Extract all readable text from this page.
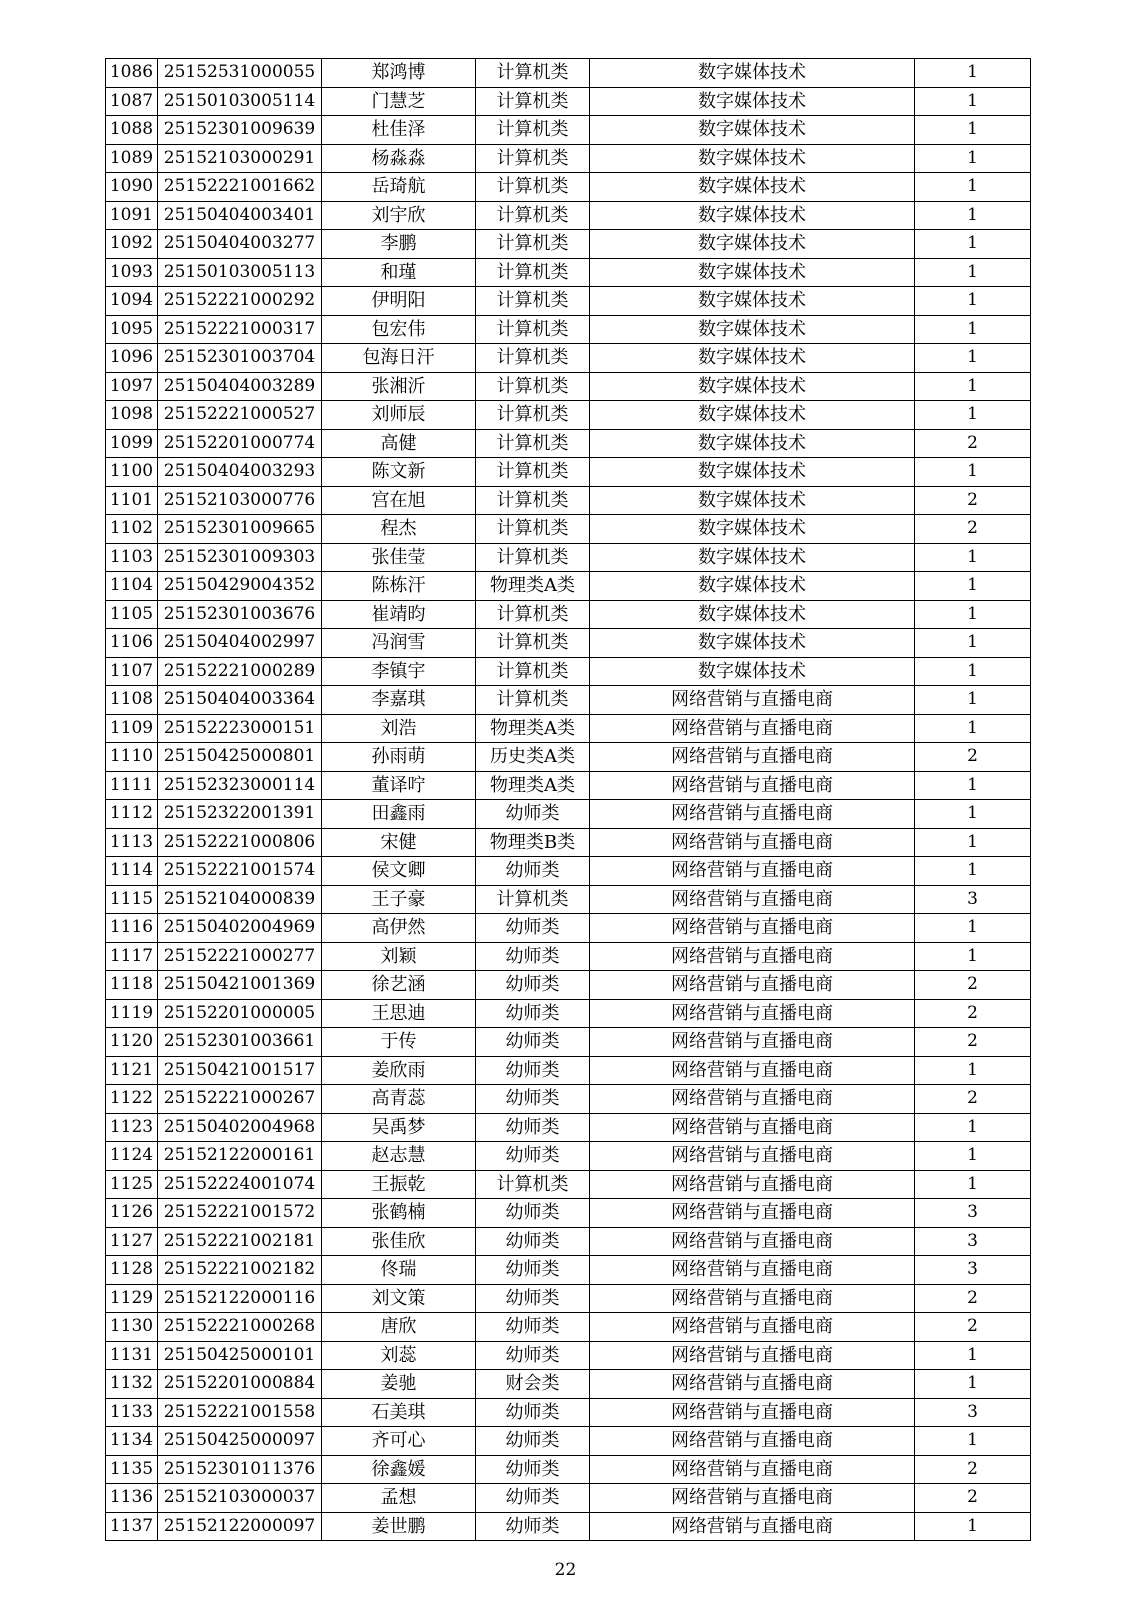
1086	25152531000055	郑鸿博	计算机类	数字媒体技术	1
1087	25150103005114	门慧芝	计算机类	数字媒体技术	1
1088	25152301009639	杜佳泽	计算机类	数字媒体技术	1
1089	25152103000291	杨淼淼	计算机类	数字媒体技术	1
1090	25152221001662	岳琦航	计算机类	数字媒体技术	1
1091	25150404003401	刘宇欣	计算机类	数字媒体技术	1
1092	25150404003277	李鹏	计算机类	数字媒体技术	1
1093	25150103005113	和瑾	计算机类	数字媒体技术	1
1094	25152221000292	伊明阳	计算机类	数字媒体技术	1
1095	25152221000317	包宏伟	计算机类	数字媒体技术	1
1096	25152301003704	包海日汗	计算机类	数字媒体技术	1
1097	25150404003289	张湘沂	计算机类	数字媒体技术	1
1098	25152221000527	刘师辰	计算机类	数字媒体技术	1
1099	25152201000774	高健	计算机类	数字媒体技术	2
1100	25150404003293	陈文新	计算机类	数字媒体技术	1
1101	25152103000776	宫在旭	计算机类	数字媒体技术	2
1102	25152301009665	程杰	计算机类	数字媒体技术	2
1103	25152301009303	张佳莹	计算机类	数字媒体技术	1
1104	25150429004352	陈栋汗	物理类A类	数字媒体技术	1
1105	25152301003676	崔靖昀	计算机类	数字媒体技术	1
1106	25150404002997	冯润雪	计算机类	数字媒体技术	1
1107	25152221000289	李镇宇	计算机类	数字媒体技术	1
1108	25150404003364	李嘉琪	计算机类	网络营销与直播电商	1
1109	25152223000151	刘浩	物理类A类	网络营销与直播电商	1
1110	25150425000801	孙雨萌	历史类A类	网络营销与直播电商	2
1111	25152323000114	董译咛	物理类A类	网络营销与直播电商	1
1112	25152322001391	田鑫雨	幼师类	网络营销与直播电商	1
1113	25152221000806	宋健	物理类B类	网络营销与直播电商	1
1114	25152221001574	侯文卿	幼师类	网络营销与直播电商	1
1115	25152104000839	王子豪	计算机类	网络营销与直播电商	3
1116	25150402004969	高伊然	幼师类	网络营销与直播电商	1
1117	25152221000277	刘颖	幼师类	网络营销与直播电商	1
1118	25150421001369	徐艺涵	幼师类	网络营销与直播电商	2
1119	25152201000005	王思迪	幼师类	网络营销与直播电商	2
1120	25152301003661	于传	幼师类	网络营销与直播电商	2
1121	25150421001517	姜欣雨	幼师类	网络营销与直播电商	1
1122	25152221000267	高青蕊	幼师类	网络营销与直播电商	2
1123	25150402004968	吴禹梦	幼师类	网络营销与直播电商	1
1124	25152122000161	赵志慧	幼师类	网络营销与直播电商	1
1125	25152224001074	王振乾	计算机类	网络营销与直播电商	1
1126	25152221001572	张鹤楠	幼师类	网络营销与直播电商	3
1127	25152221002181	张佳欣	幼师类	网络营销与直播电商	3
1128	25152221002182	佟瑞	幼师类	网络营销与直播电商	3
1129	25152122000116	刘文策	幼师类	网络营销与直播电商	2
1130	25152221000268	唐欣	幼师类	网络营销与直播电商	2
1131	25150425000101	刘蕊	幼师类	网络营销与直播电商	1
1132	25152201000884	姜驰	财会类	网络营销与直播电商	1
1133	25152221001558	石美琪	幼师类	网络营销与直播电商	3
1134	25150425000097	齐可心	幼师类	网络营销与直播电商	1
1135	25152301011376	徐鑫媛	幼师类	网络营销与直播电商	2
1136	25152103000037	孟想	幼师类	网络营销与直播电商	2
1137	25152122000097	姜世鹏	幼师类	网络营销与直播电商	1
22
